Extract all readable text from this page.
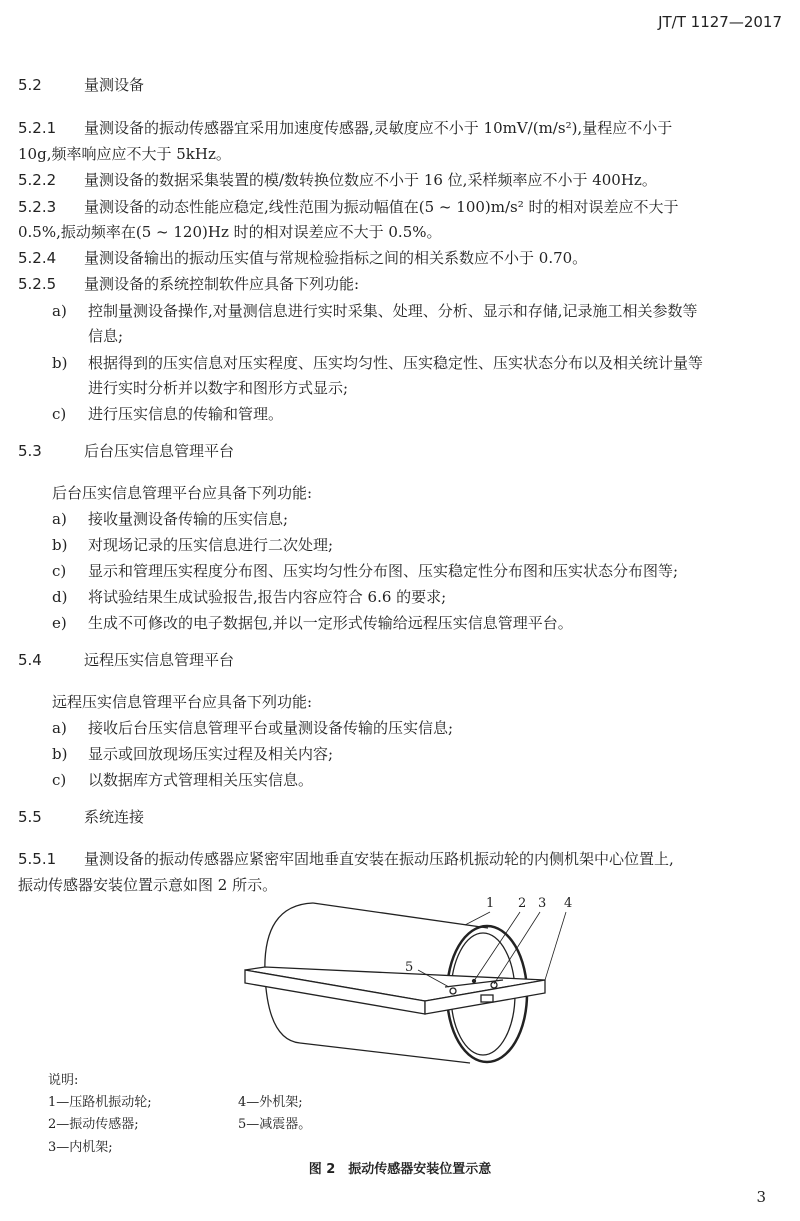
JT/T 1127—2017
5.2	量测设备
5.2.1 量测设备的振动传感器宜采用加速度传感器,灵敏度应不小于 10mV/(m/s²),量程应不小于
10g,频率响应应不大于 5kHz。
5.2.2 量测设备的数据采集装置的模/数转换位数应不小于 16 位,采样频率应不小于 400Hz。
5.2.3 量测设备的动态性能应稳定,线性范围为振动幅值在(5 ~ 100)m/s² 时的相对误差应不大于
0.5%,振动频率在(5 ~ 120)Hz 时的相对误差应不大于 0.5%。
5.2.4 量测设备输出的振动压实值与常规检验指标之间的相关系数应不小于 0.70。
5.2.5 量测设备的系统控制软件应具备下列功能:
a) 控制量测设备操作,对量测信息进行实时采集、处理、分析、显示和存储,记录施工相关参数等
信息;
b) 根据得到的压实信息对压实程度、压实均匀性、压实稳定性、压实状态分布以及相关统计量等
进行实时分析并以数字和图形方式显示;
c) 进行压实信息的传输和管理。
5.3	后台压实信息管理平台
后台压实信息管理平台应具备下列功能:
a) 接收量测设备传输的压实信息;
b) 对现场记录的压实信息进行二次处理;
c) 显示和管理压实程度分布图、压实均匀性分布图、压实稳定性分布图和压实状态分布图等;
d) 将试验结果生成试验报告,报告内容应符合 6.6 的要求;
e) 生成不可修改的电子数据包,并以一定形式传输给远程压实信息管理平台。
5.4	远程压实信息管理平台
远程压实信息管理平台应具备下列功能:
a) 接收后台压实信息管理平台或量测设备传输的压实信息;
b) 显示或回放现场压实过程及相关内容;
c) 以数据库方式管理相关压实信息。
5.5	系统连接
5.5.1 量测设备的振动传感器应紧密牢固地垂直安装在振动压路机振动轮的内侧机架中心位置上,
振动传感器安装位置示意如图 2 所示。
1 2 3 4
5
说明:
1—压路机振动轮;	4—外机架;
2—振动传感器;	5—减震器。
3—内机架;
图 2　振动传感器安装位置示意
3
